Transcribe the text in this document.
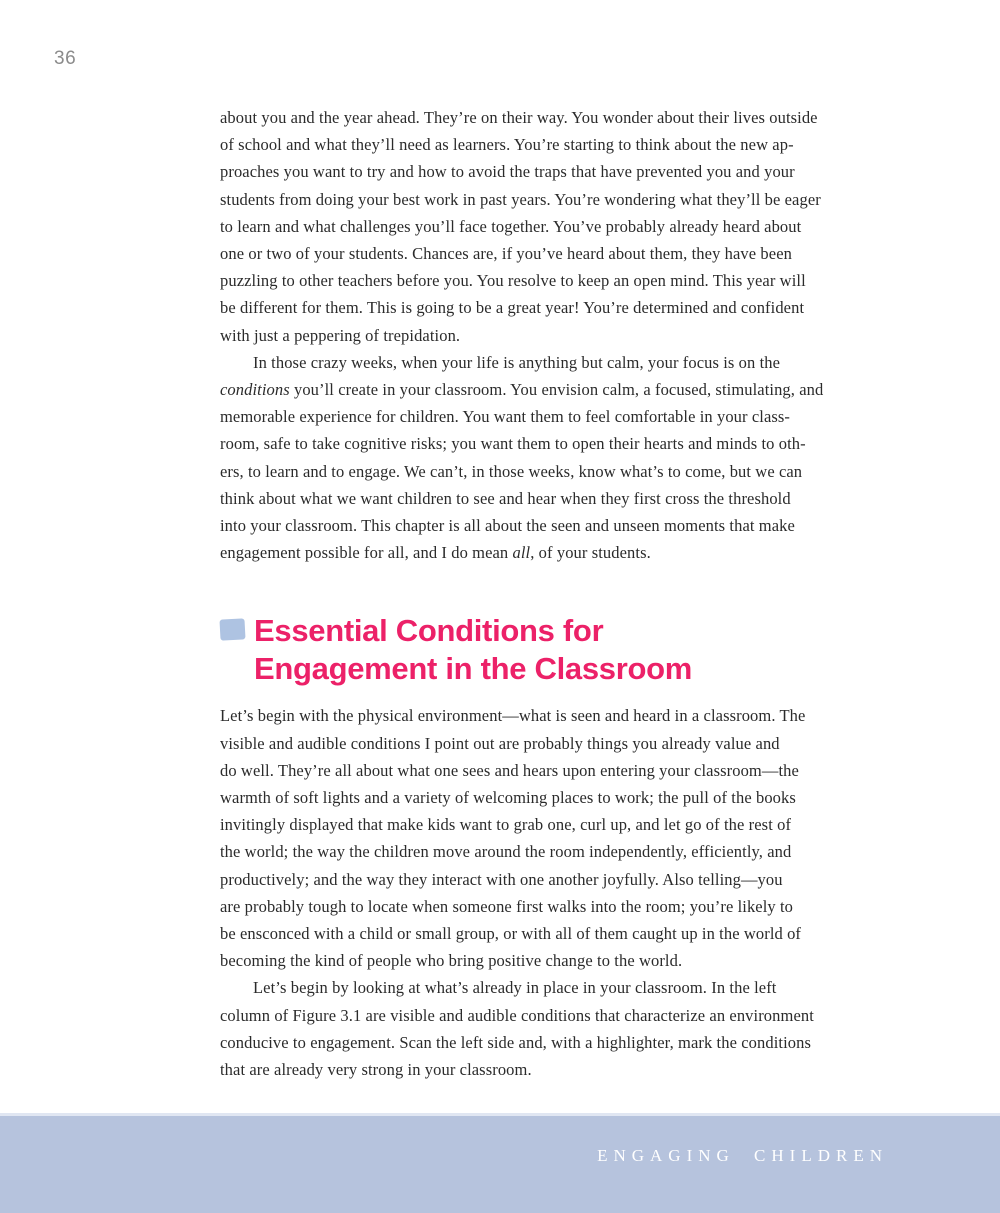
36
about you and the year ahead. They’re on their way. You wonder about their lives outside
of school and what they’ll need as learners. You’re starting to think about the new ap-
proaches you want to try and how to avoid the traps that have prevented you and your
students from doing your best work in past years. You’re wondering what they’ll be eager
to learn and what challenges you’ll face together. You’ve probably already heard about
one or two of your students. Chances are, if you’ve heard about them, they have been
puzzling to other teachers before you. You resolve to keep an open mind. This year will
be different for them. This is going to be a great year! You’re determined and confident
with just a peppering of trepidation.
In those crazy weeks, when your life is anything but calm, your focus is on the
conditions you’ll create in your classroom. You envision calm, a focused, stimulating, and
memorable experience for children. You want them to feel comfortable in your class-
room, safe to take cognitive risks; you want them to open their hearts and minds to oth-
ers, to learn and to engage. We can’t, in those weeks, know what’s to come, but we can
think about what we want children to see and hear when they first cross the threshold
into your classroom. This chapter is all about the seen and unseen moments that make
engagement possible for all, and I do mean all, of your students.
Essential Conditions for
Engagement in the Classroom
Let’s begin with the physical environment—what is seen and heard in a classroom. The
visible and audible conditions I point out are probably things you already value and
do well. They’re all about what one sees and hears upon entering your classroom—the
warmth of soft lights and a variety of welcoming places to work; the pull of the books
invitingly displayed that make kids want to grab one, curl up, and let go of the rest of
the world; the way the children move around the room independently, efficiently, and
productively; and the way they interact with one another joyfully. Also telling—you
are probably tough to locate when someone first walks into the room; you’re likely to
be ensconced with a child or small group, or with all of them caught up in the world of
becoming the kind of people who bring positive change to the world.
Let’s begin by looking at what’s already in place in your classroom. In the left
column of Figure 3.1 are visible and audible conditions that characterize an environment
conducive to engagement. Scan the left side and, with a highlighter, mark the conditions
that are already very strong in your classroom.
ENGAGING CHILDREN
